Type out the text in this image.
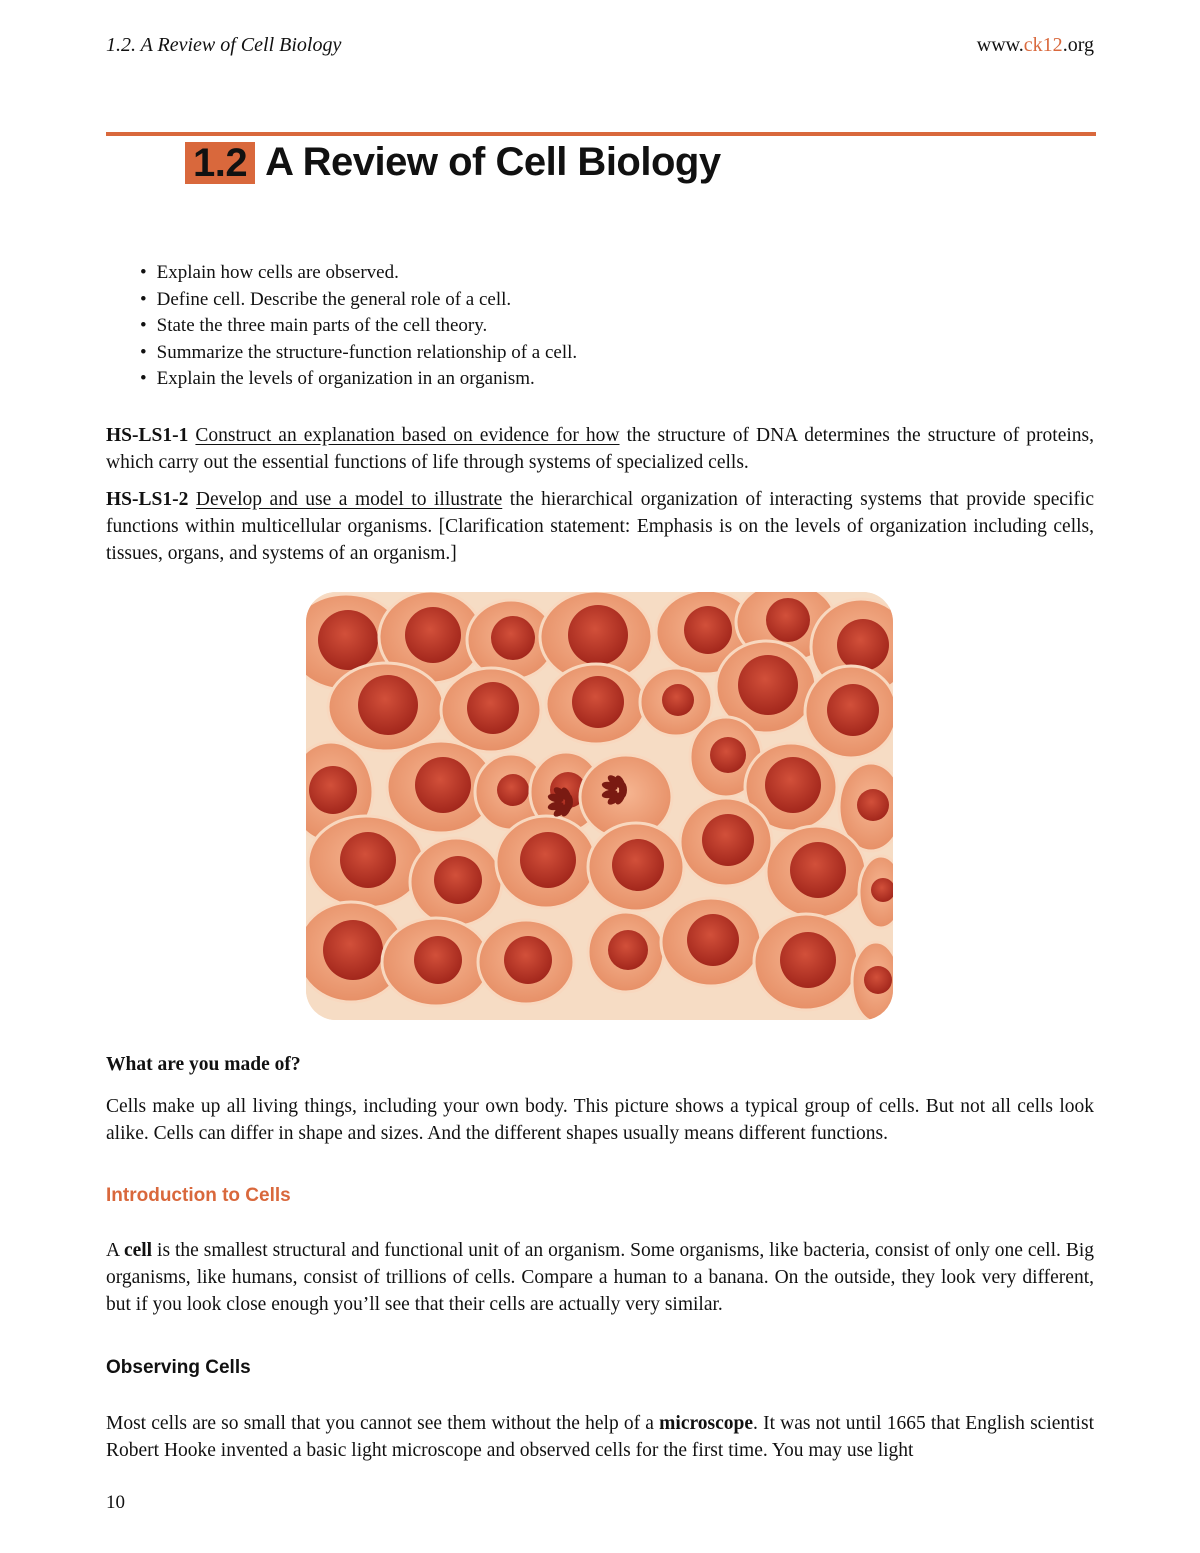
1.2. A Review of Cell Biology	www.ck12.org
1.2 A Review of Cell Biology
• Explain how cells are observed.
• Define cell. Describe the general role of a cell.
• State the three main parts of the cell theory.
• Summarize the structure-function relationship of a cell.
• Explain the levels of organization in an organism.

HS-LS1-1 Construct an explanation based on evidence for how the structure of DNA determines the structure of proteins, which carry out the essential functions of life through systems of specialized cells.

HS-LS1-2 Develop and use a model to illustrate the hierarchical organization of interacting systems that provide specific functions within multicellular organisms. [Clarification statement: Emphasis is on the levels of organization including cells, tissues, organs, and systems of an organism.]

What are you made of?

Cells make up all living things, including your own body. This picture shows a typical group of cells. But not all cells look alike. Cells can differ in shape and sizes. And the different shapes usually means different functions.

Introduction to Cells

A cell is the smallest structural and functional unit of an organism. Some organisms, like bacteria, consist of only one cell. Big organisms, like humans, consist of trillions of cells. Compare a human to a banana. On the outside, they look very different, but if you look close enough you’ll see that their cells are actually very similar.

Observing Cells

Most cells are so small that you cannot see them without the help of a microscope. It was not until 1665 that English scientist Robert Hooke invented a basic light microscope and observed cells for the first time. You may use light

10
